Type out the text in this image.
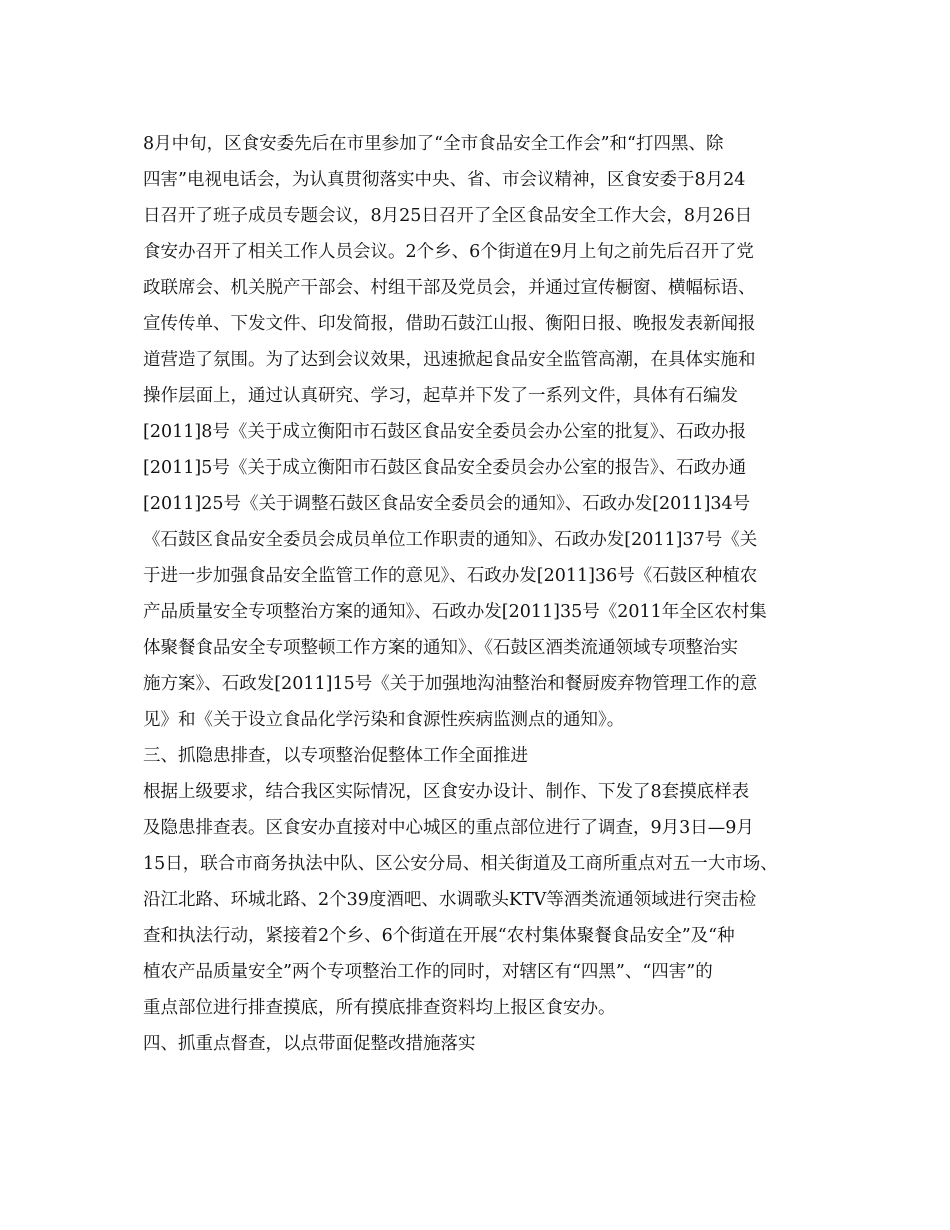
8月中旬，区食安委先后在市里参加了“全市食品安全工作会”和“打四黑、除
四害”电视电话会，为认真贯彻落实中央、省、市会议精神，区食安委于8月24
日召开了班子成员专题会议，8月25日召开了全区食品安全工作大会，8月26日
食安办召开了相关工作人员会议。2个乡、6个街道在9月上旬之前先后召开了党
政联席会、机关脱产干部会、村组干部及党员会，并通过宣传橱窗、横幅标语、
宣传传单、下发文件、印发简报，借助石鼓江山报、衡阳日报、晚报发表新闻报
道营造了氛围。为了达到会议效果，迅速掀起食品安全监管高潮，在具体实施和
操作层面上，通过认真研究、学习，起草并下发了一系列文件，具体有石编发
[2011]8号《关于成立衡阳市石鼓区食品安全委员会办公室的批复》、石政办报
[2011]5号《关于成立衡阳市石鼓区食品安全委员会办公室的报告》、石政办通
[2011]25号《关于调整石鼓区食品安全委员会的通知》、石政办发[2011]34号
《石鼓区食品安全委员会成员单位工作职责的通知》、石政办发[2011]37号《关
于进一步加强食品安全监管工作的意见》、石政办发[2011]36号《石鼓区种植农
产品质量安全专项整治方案的通知》、石政办发[2011]35号《2011年全区农村集
体聚餐食品安全专项整顿工作方案的通知》、《石鼓区酒类流通领域专项整治实
施方案》、石政发[2011]15号《关于加强地沟油整治和餐厨废弃物管理工作的意
见》和《关于设立食品化学污染和食源性疾病监测点的通知》。
三、抓隐患排查，以专项整治促整体工作全面推进
根据上级要求，结合我区实际情况，区食安办设计、制作、下发了8套摸底样表
及隐患排查表。区食安办直接对中心城区的重点部位进行了调查，9月3日—9月
15日，联合市商务执法中队、区公安分局、相关街道及工商所重点对五一大市场、
沿江北路、环城北路、2个39度酒吧、水调歌头KTV等酒类流通领域进行突击检
查和执法行动，紧接着2个乡、6个街道在开展“农村集体聚餐食品安全”及“种
植农产品质量安全”两个专项整治工作的同时，对辖区有“四黑”、“四害”的
重点部位进行排查摸底，所有摸底排查资料均上报区食安办。
四、抓重点督查，以点带面促整改措施落实
